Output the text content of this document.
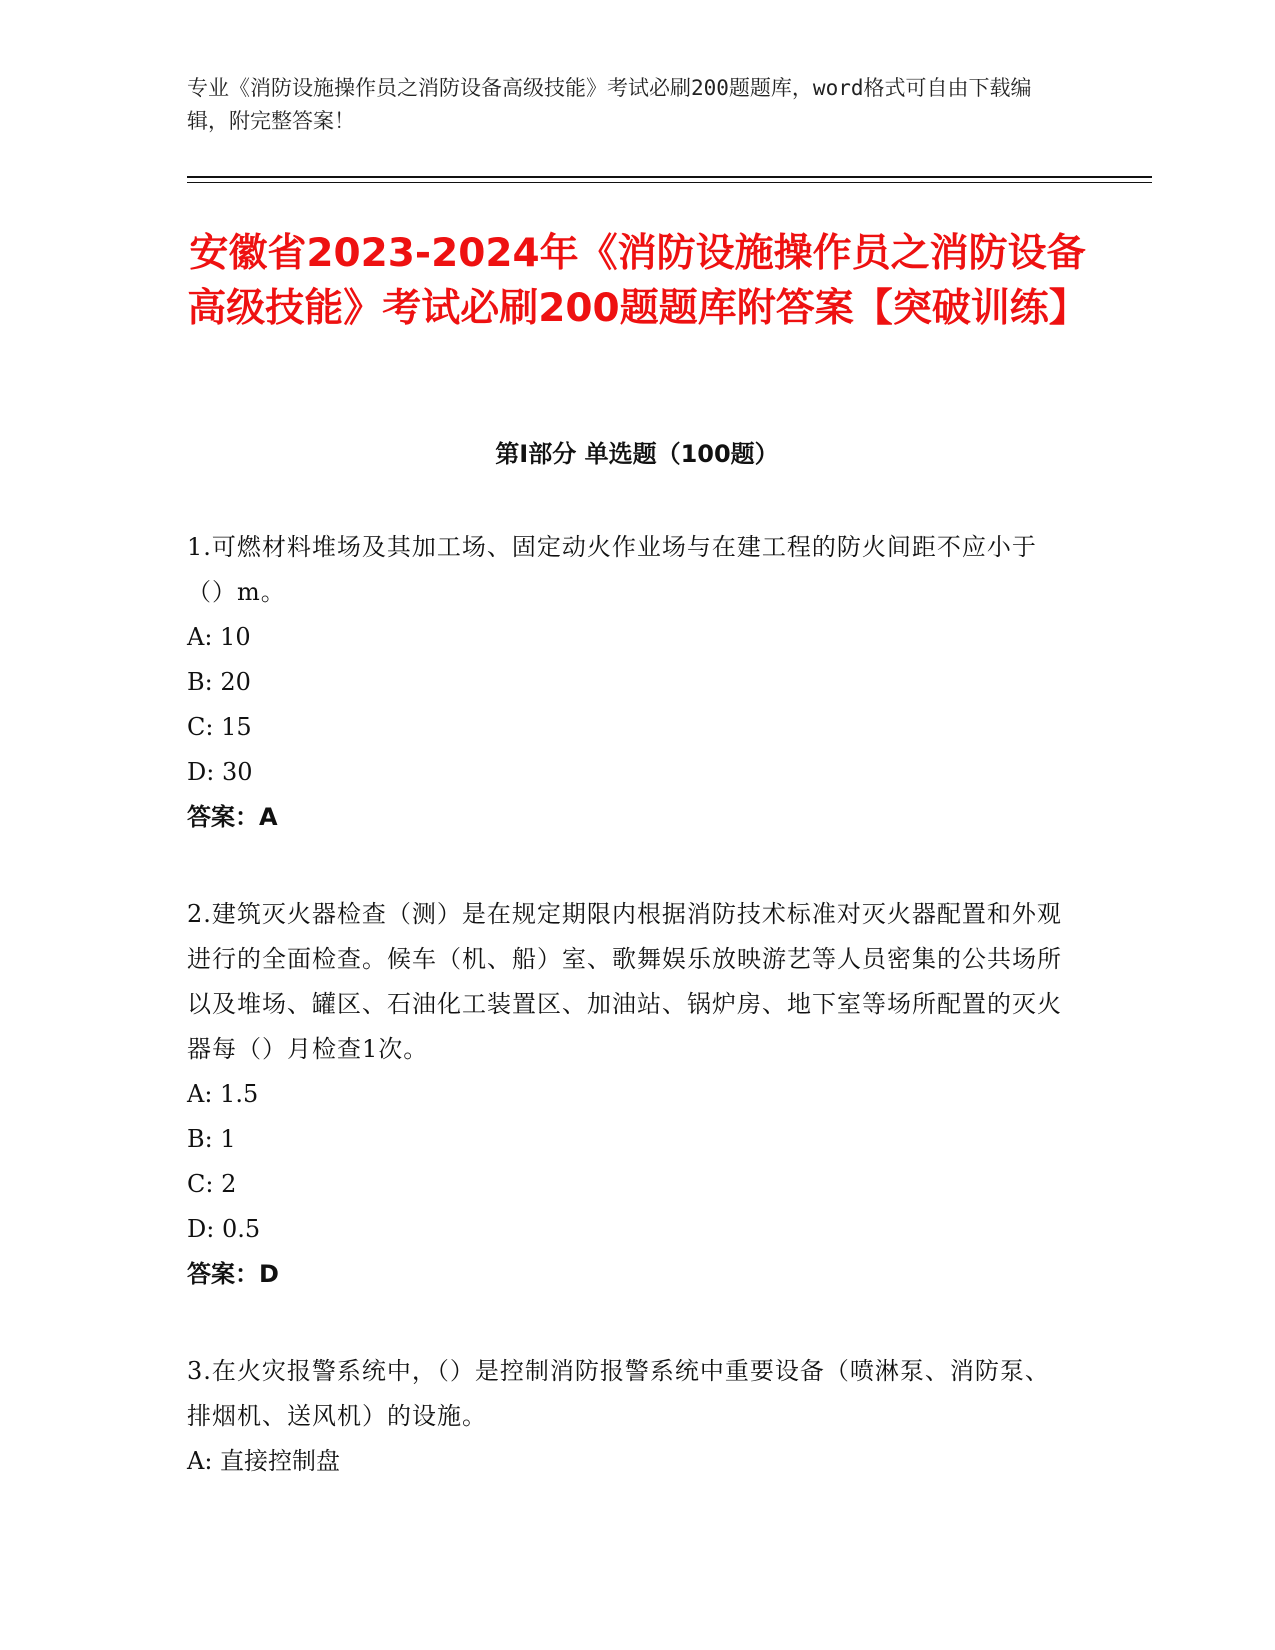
专业《消防设施操作员之消防设备高级技能》考试必刷200题题库，word格式可自由下载编辑，附完整答案！
安徽省2023-2024年《消防设施操作员之消防设备高级技能》考试必刷200题题库附答案【突破训练】
第Ⅰ部分 单选题（100题）
1.可燃材料堆场及其加工场、固定动火作业场与在建工程的防火间距不应小于（）m。
A: 10
B: 20
C: 15
D: 30
答案：A
2.建筑灭火器检查（测）是在规定期限内根据消防技术标准对灭火器配置和外观进行的全面检查。候车（机、船）室、歌舞娱乐放映游艺等人员密集的公共场所以及堆场、罐区、石油化工装置区、加油站、锅炉房、地下室等场所配置的灭火器每（）月检查1次。
A: 1.5
B: 1
C: 2
D: 0.5
答案：D
3.在火灾报警系统中，（）是控制消防报警系统中重要设备（喷淋泵、消防泵、排烟机、送风机）的设施。
A: 直接控制盘
